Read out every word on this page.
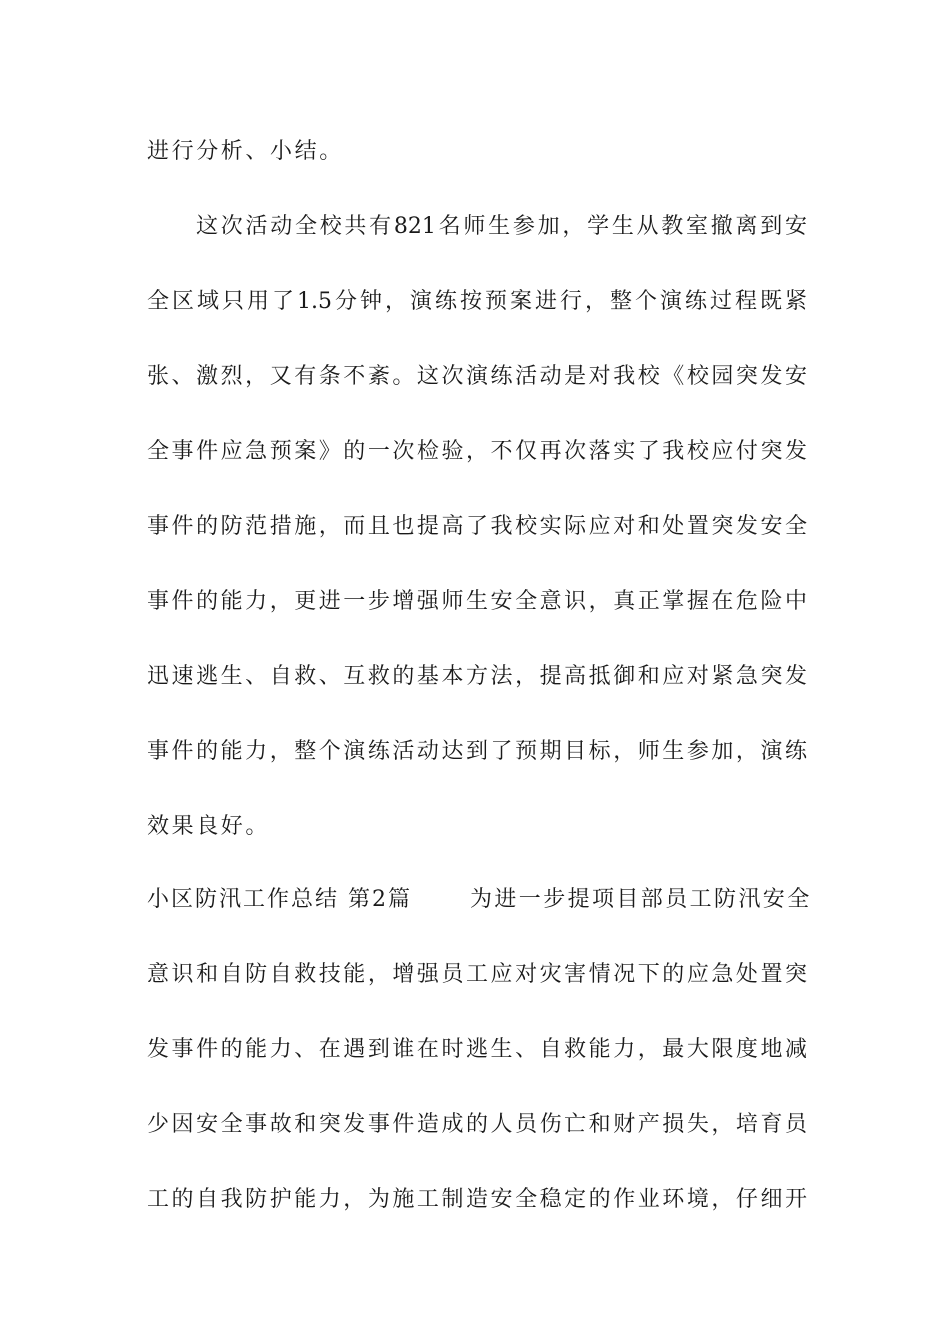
进行分析、小结。
这次活动全校共有821名师生参加，学生从教室撤离到安
全区域只用了1.5分钟，演练按预案进行，整个演练过程既紧
张、激烈，又有条不紊。这次演练活动是对我校《校园突发安
全事件应急预案》的一次检验，不仅再次落实了我校应付突发
事件的防范措施，而且也提高了我校实际应对和处置突发安全
事件的能力，更进一步增强师生安全意识，真正掌握在危险中
迅速逃生、自救、互救的基本方法，提高抵御和应对紧急突发
事件的能力，整个演练活动达到了预期目标，师生参加，演练
效果良好。
小区防汛工作总结 第2篇	为进一步提项目部员工防汛安全
意识和自防自救技能，增强员工应对灾害情况下的应急处置突
发事件的能力、在遇到谁在时逃生、自救能力，最大限度地减
少因安全事故和突发事件造成的人员伤亡和财产损失，培育员
工的自我防护能力，为施工制造安全稳定的作业环境，仔细开
